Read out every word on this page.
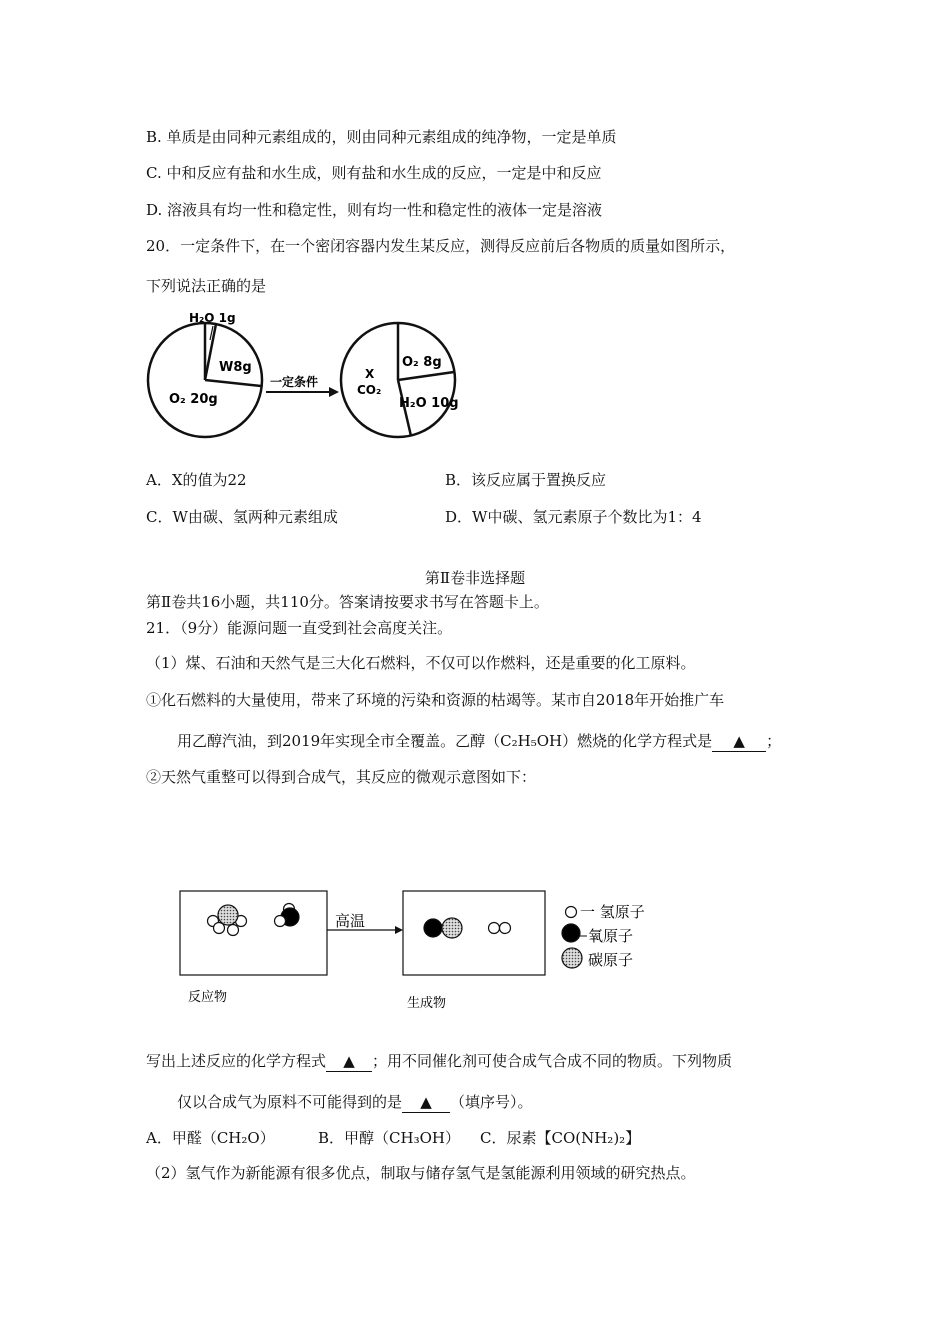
B. 单质是由同种元素组成的，则由同种元素组成的纯净物，一定是单质
C. 中和反应有盐和水生成，则有盐和水生成的反应，一定是中和反应
D. 溶液具有均一性和稳定性，则有均一性和稳定性的液体一定是溶液
20．一定条件下，在一个密闭容器内发生某反应，测得反应前后各物质的质量如图所示，
下列说法正确的是
H₂O 1g
W8g
O₂ 20g
一定条件
X
CO₂
O₂ 8g
H₂O 10g
A．X的值为22	B．该反应属于置换反应
C．W由碳、氢两种元素组成	D．W中碳、氢元素原子个数比为1：4
第Ⅱ卷非选择题
第Ⅱ卷共16小题，共110分。答案请按要求书写在答题卡上。
21．（9分）能源问题一直受到社会高度关注。
（1）煤、石油和天然气是三大化石燃料，不仅可以作燃料，还是重要的化工原料。
①化石燃料的大量使用，带来了环境的污染和资源的枯竭等。某市自2018年开始推广车
用乙醇汽油，到2019年实现全市全覆盖。乙醇（C₂H₅OH）燃烧的化学方程式是 ▲ ；
②天然气重整可以得到合成气，其反应的微观示意图如下：
高温	一 氢原子
氧原子
碳原子
反应物	生成物
写出上述反应的化学方程式 ▲ ；用不同催化剂可使合成气合成不同的物质。下列物质
仅以合成气为原料不可能得到的是 ▲ （填序号）。
A．甲醛（CH₂O）	B．甲醇（CH₃OH） C．尿素【CO(NH₂)₂】
（2）氢气作为新能源有很多优点，制取与储存氢气是氢能源利用领域的研究热点。
